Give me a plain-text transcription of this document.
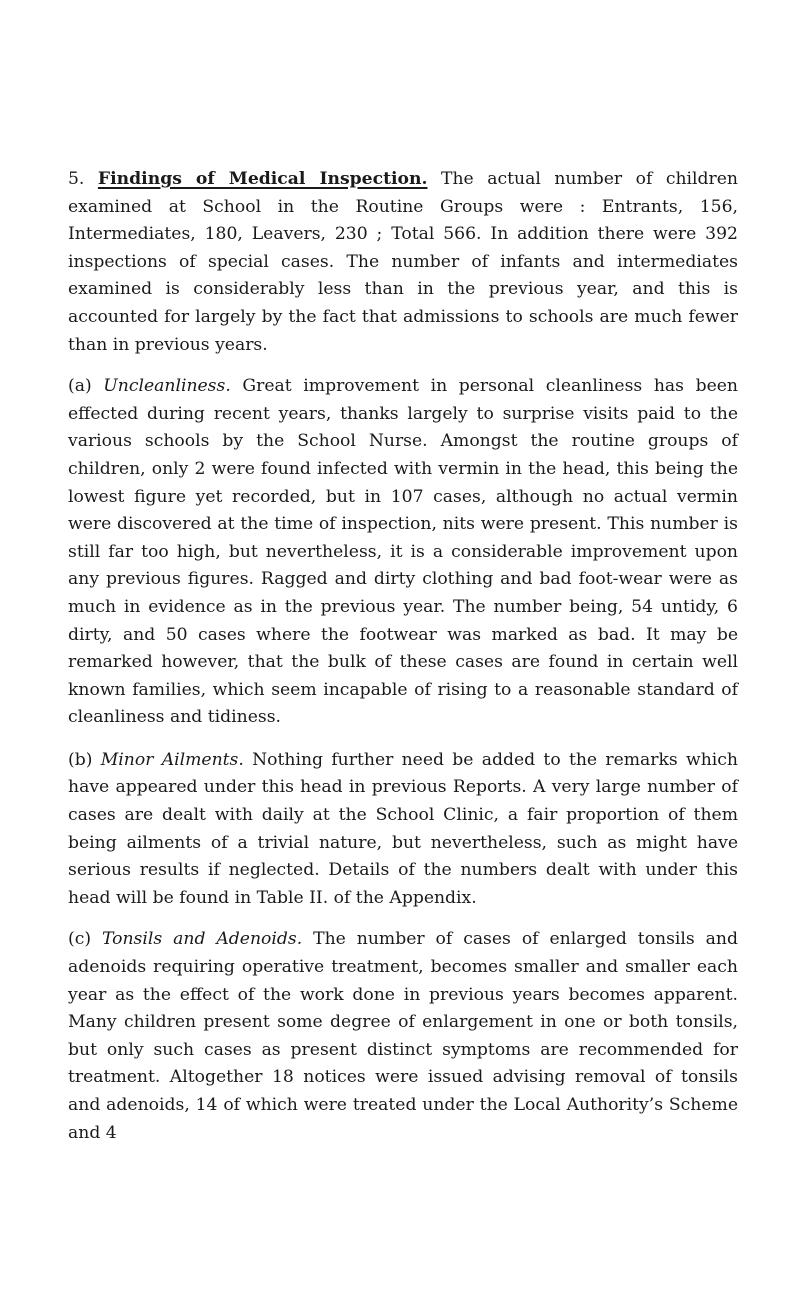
5. Findings of Medical Inspection. The actual number of children examined at School in the Routine Groups were : Entrants, 156, Intermediates, 180, Leavers, 230 ; Total 566. In addition there were 392 inspections of special cases. The number of infants and intermediates examined is considerably less than in the previous year, and this is accounted for largely by the fact that admissions to schools are much fewer than in previous years.

(a) Uncleanliness. Great improvement in personal cleanliness has been effected during recent years, thanks largely to surprise visits paid to the various schools by the School Nurse. Amongst the routine groups of children, only 2 were found infected with vermin in the head, this being the lowest figure yet recorded, but in 107 cases, although no actual vermin were discovered at the time of inspection, nits were present. This number is still far too high, but nevertheless, it is a considerable improvement upon any previous figures. Ragged and dirty clothing and bad foot-wear were as much in evidence as in the previous year. The number being, 54 untidy, 6 dirty, and 50 cases where the footwear was marked as bad. It may be remarked however, that the bulk of these cases are found in certain well known families, which seem incapable of rising to a reasonable standard of cleanliness and tidiness.

(b) Minor Ailments. Nothing further need be added to the remarks which have appeared under this head in previous Reports. A very large number of cases are dealt with daily at the School Clinic, a fair proportion of them being ailments of a trivial nature, but nevertheless, such as might have serious results if neglected. Details of the numbers dealt with under this head will be found in Table II. of the Appendix.

(c) Tonsils and Adenoids. The number of cases of enlarged tonsils and adenoids requiring operative treatment, becomes smaller and smaller each year as the effect of the work done in previous years becomes apparent. Many children present some degree of enlargement in one or both tonsils, but only such cases as present distinct symptoms are recommended for treatment. Altogether 18 notices were issued advising removal of tonsils and adenoids, 14 of which were treated under the Local Authority’s Scheme and 4
